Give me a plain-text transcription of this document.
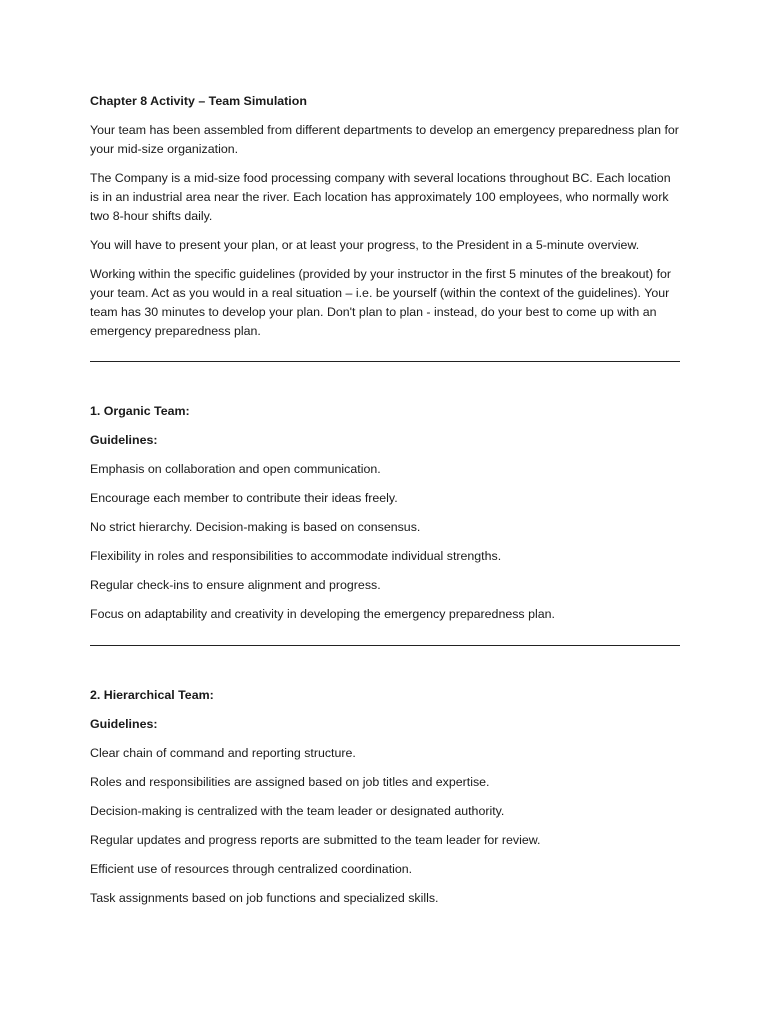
Chapter 8 Activity – Team Simulation

Your team has been assembled from different departments to develop an emergency preparedness plan for your mid-size organization.

The Company is a mid-size food processing company with several locations throughout BC. Each location is in an industrial area near the river. Each location has approximately 100 employees, who normally work two 8-hour shifts daily.

You will have to present your plan, or at least your progress, to the President in a 5-minute overview.

Working within the specific guidelines (provided by your instructor in the first 5 minutes of the breakout) for your team. Act as you would in a real situation – i.e. be yourself (within the context of the guidelines). Your team has 30 minutes to develop your plan. Don't plan to plan - instead, do your best to come up with an emergency preparedness plan.

1. Organic Team:

Guidelines:

Emphasis on collaboration and open communication.

Encourage each member to contribute their ideas freely.

No strict hierarchy. Decision-making is based on consensus.

Flexibility in roles and responsibilities to accommodate individual strengths.

Regular check-ins to ensure alignment and progress.

Focus on adaptability and creativity in developing the emergency preparedness plan.

2. Hierarchical Team:

Guidelines:

Clear chain of command and reporting structure.

Roles and responsibilities are assigned based on job titles and expertise.

Decision-making is centralized with the team leader or designated authority.

Regular updates and progress reports are submitted to the team leader for review.

Efficient use of resources through centralized coordination.

Task assignments based on job functions and specialized skills.
